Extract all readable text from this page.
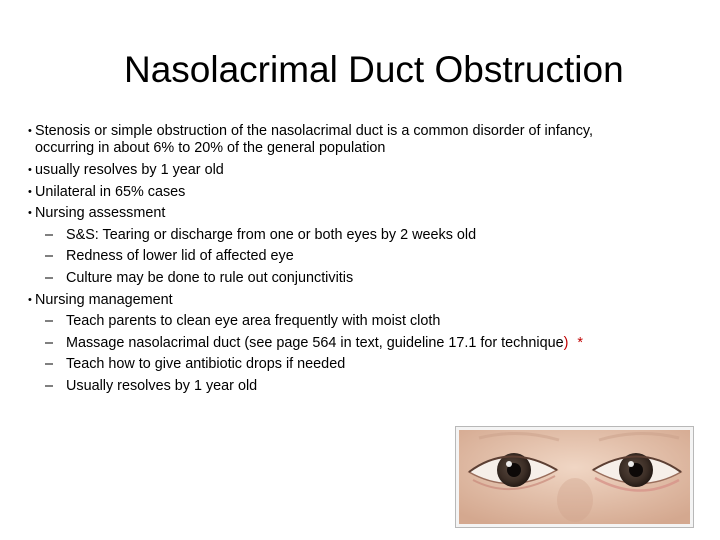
Nasolacrimal Duct Obstruction
• Stenosis or simple obstruction of the nasolacrimal duct is a common disorder of infancy,
occurring in about 6% to 20% of the general population
• usually resolves by 1 year old
• Unilateral in 65% cases
• Nursing assessment
– S&S: Tearing or discharge from one or both eyes by 2 weeks old
– Redness of lower lid of affected eye
– Culture may be done to rule out conjunctivitis
• Nursing management
– Teach parents to clean eye area frequently with moist cloth
– Massage nasolacrimal duct (see page 564 in text, guideline 17.1 for technique) *
– Teach how to give antibiotic drops if needed
– Usually resolves by 1 year old
